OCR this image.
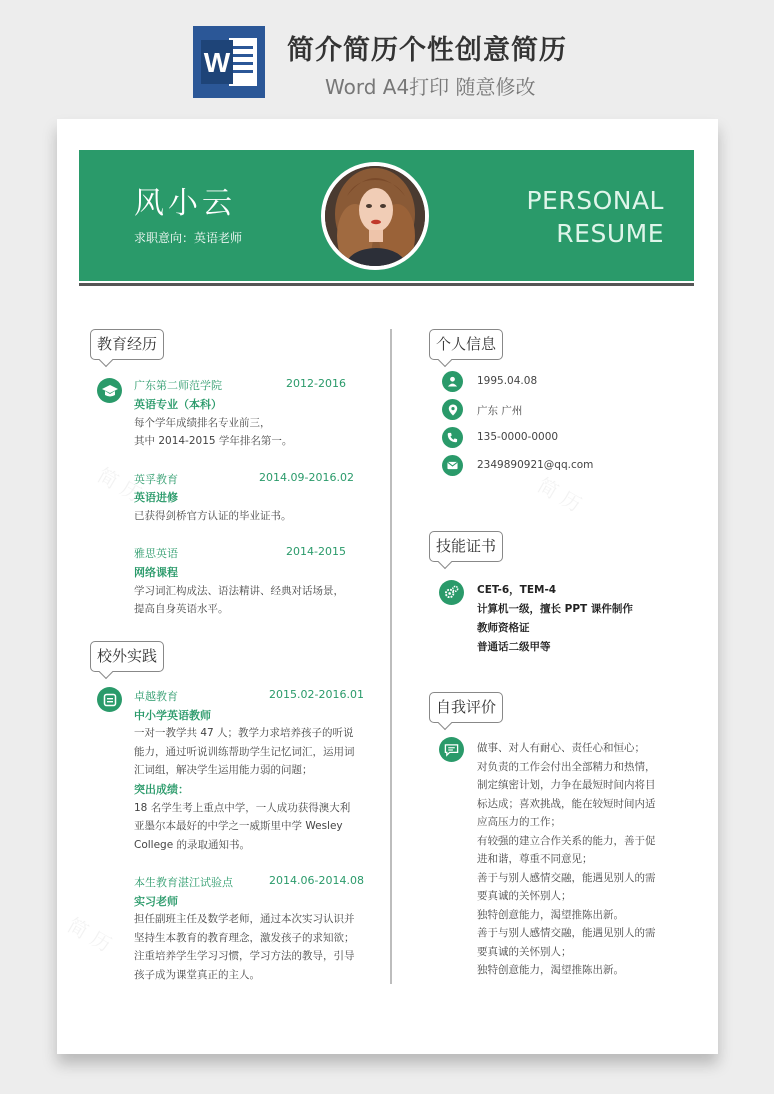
W 简介简历个性创意简历
Word A4打印 随意修改
简 历	简 历
简 历
风小云
求职意向：英语老师
PERSONAL
RESUME
教育经历
广东第二师范学院	2012-2016
英语专业（本科）
每个学年成绩排名专业前三，
其中 2014-2015 学年排名第一。
英孚教育	2014.09-2016.02
英语进修
已获得剑桥官方认证的毕业证书。
雅思英语	2014-2015
网络课程
学习词汇构成法、语法精讲、经典对话场景，
提高自身英语水平。
校外实践
卓越教育	2015.02-2016.01
中小学英语教师
一对一教学共 47 人；教学力求培养孩子的听说
能力，通过听说训练帮助学生记忆词汇，运用词
汇词组，解决学生运用能力弱的问题；
突出成绩：
18 名学生考上重点中学，一人成功获得澳大利
亚墨尔本最好的中学之一威斯里中学 Wesley
College 的录取通知书。
本生教育湛江试验点	2014.06-2014.08
实习老师
担任副班主任及数学老师，通过本次实习认识并
坚持生本教育的教育理念，激发孩子的求知欲；
注重培养学生学习习惯，学习方法的教导，引导
孩子成为课堂真正的主人。
个人信息
1995.04.08
广东 广州
135-0000-0000
2349890921@qq.com
技能证书
CET-6，TEM-4
计算机一级，擅长 PPT 课件制作
教师资格证
普通话二级甲等
自我评价
做事、对人有耐心、责任心和恒心；
对负责的工作会付出全部精力和热情，
制定缜密计划，力争在最短时间内将目
标达成；喜欢挑战，能在较短时间内适
应高压力的工作；
有较强的建立合作关系的能力，善于促
进和谐，尊重不同意见；
善于与别人感情交融，能遇见别人的需
要真诚的关怀别人；
独特创意能力，渴望推陈出新。
善于与别人感情交融，能遇见别人的需
要真诚的关怀别人；
独特创意能力，渴望推陈出新。
